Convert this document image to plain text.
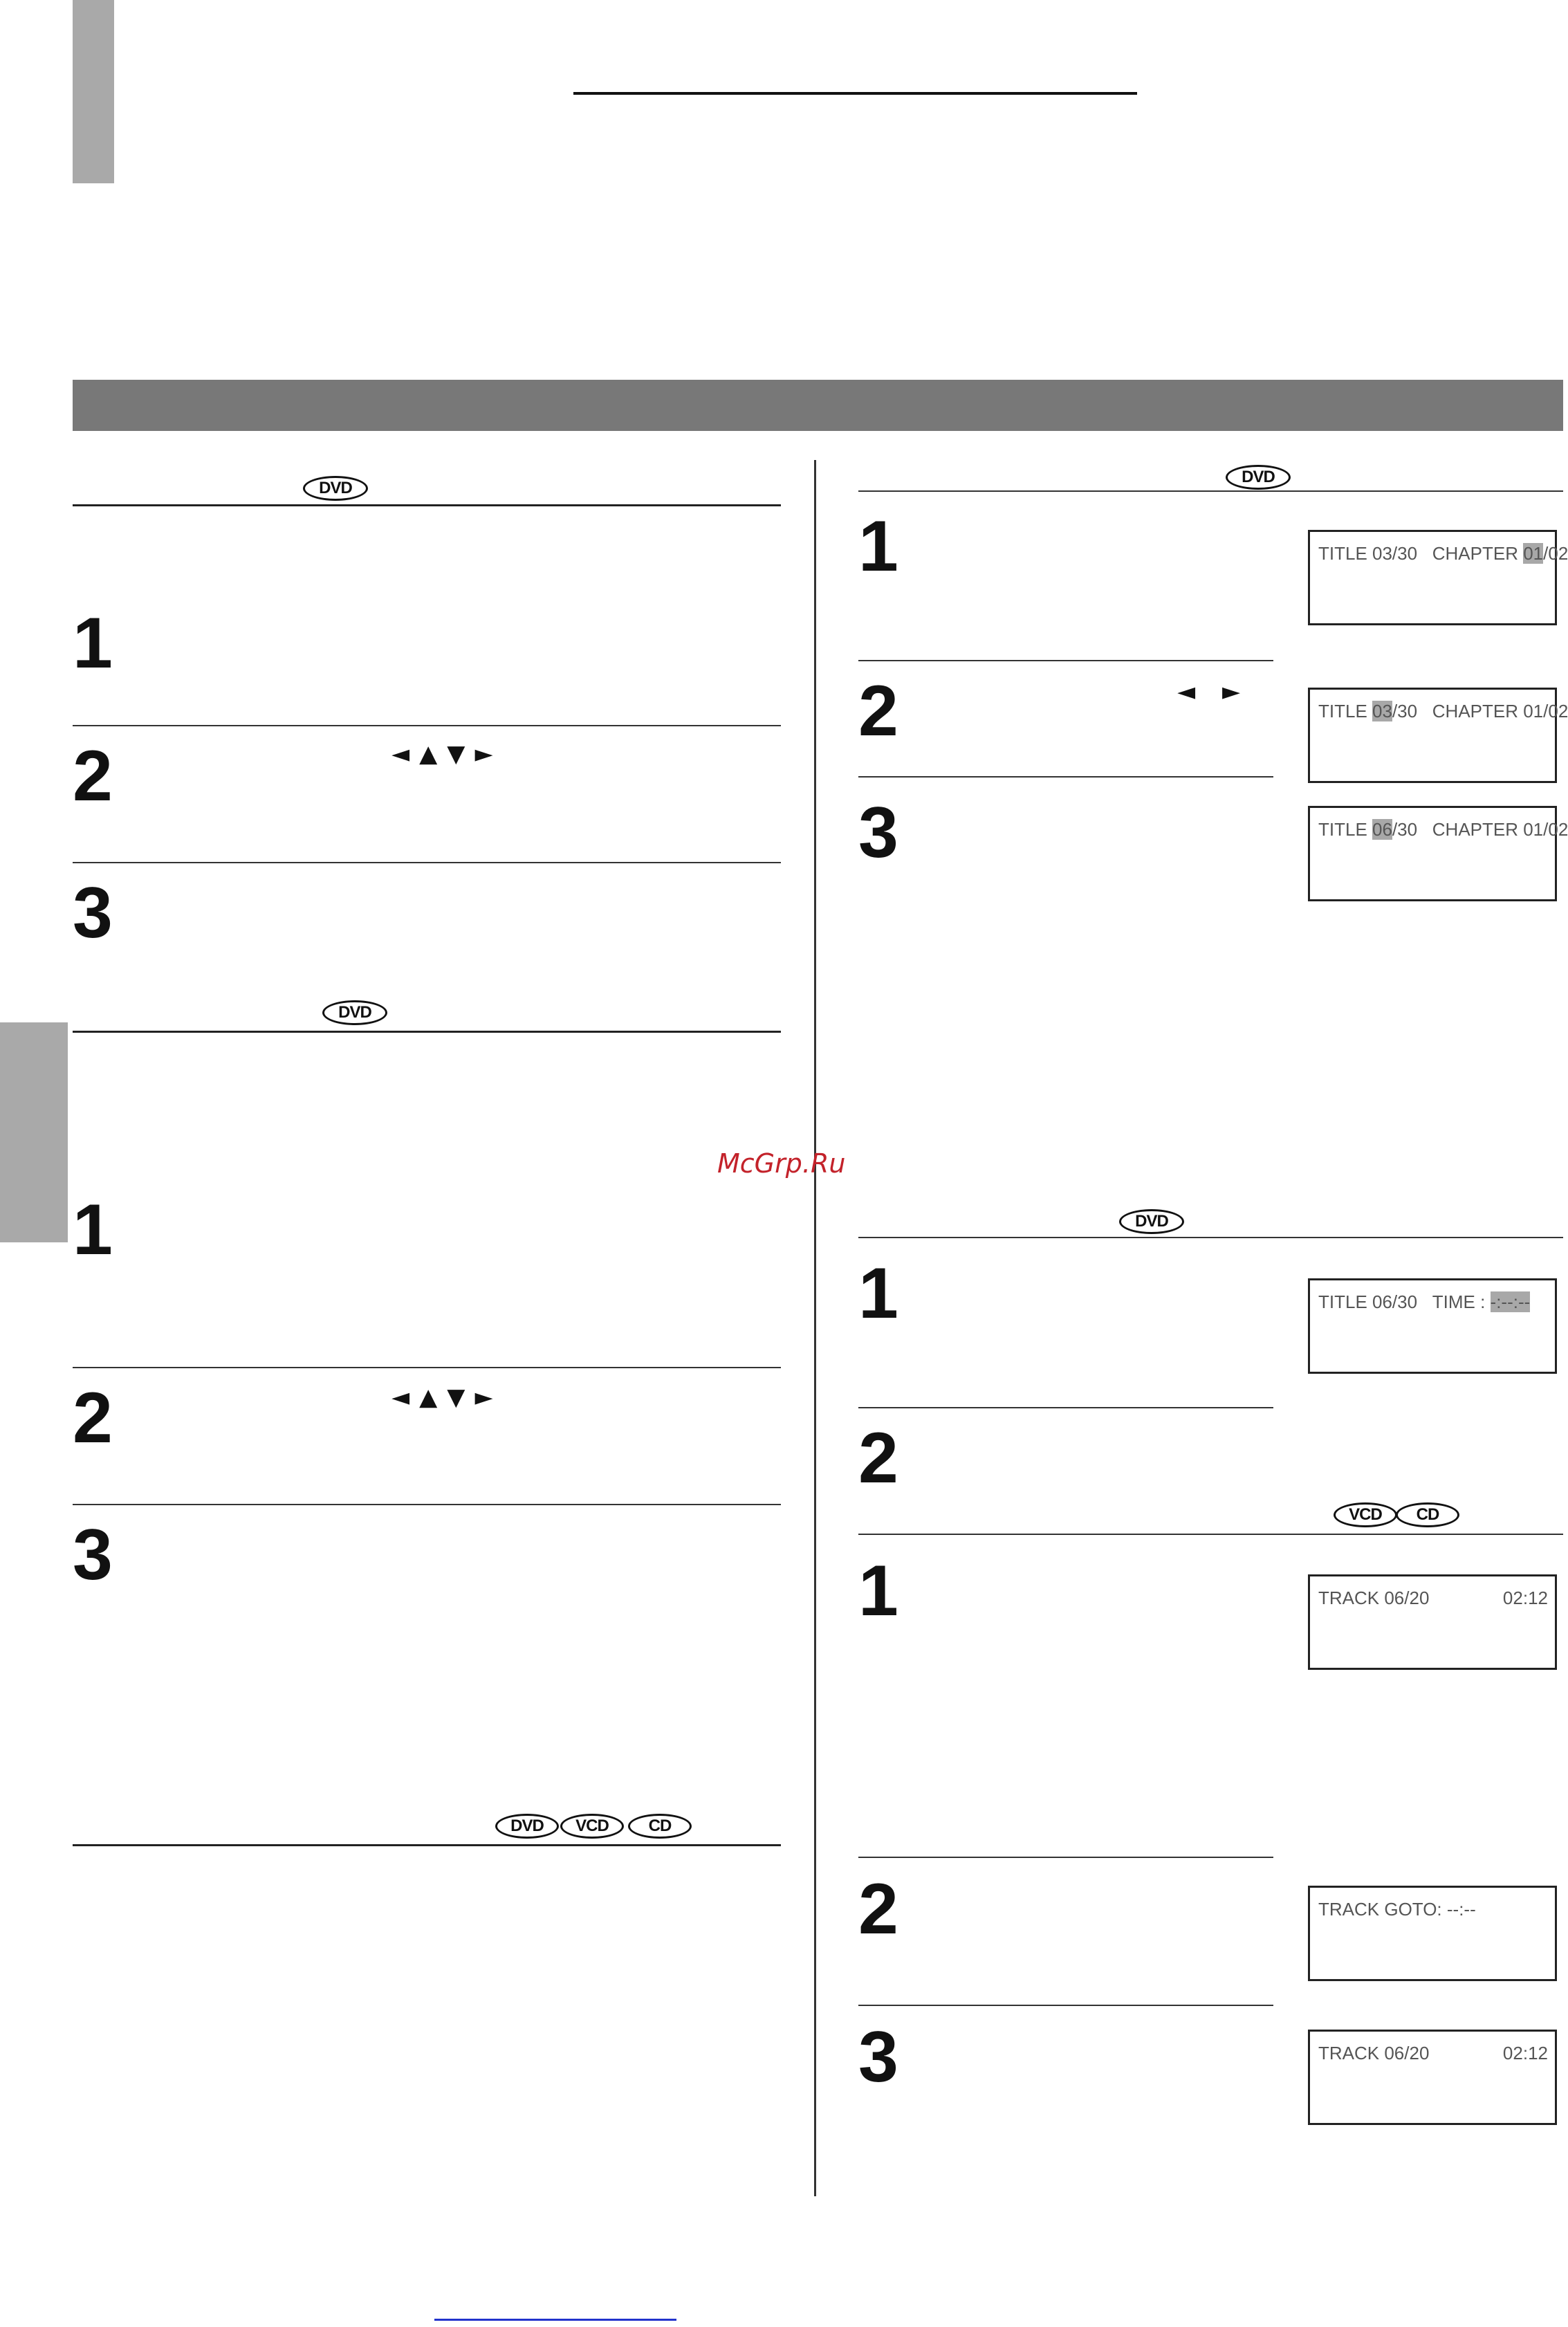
DVD
1
2	◄▲▼►
3
DVD
1
2	◄▲▼►
3
DVD VCD CD
DVD
1	TITLE 03/30 CHAPTER 01/02
2	◄ ►
TITLE 03/30 CHAPTER 01/02
3	TITLE 06/30 CHAPTER 01/02
McGrp.Ru
DVD
1	TITLE 06/30 TIME : -:--:--
2
VCD CD
1	TRACK 06/20	02:12
2	TRACK GOTO: --:--
3	TRACK 06/20	02:12
